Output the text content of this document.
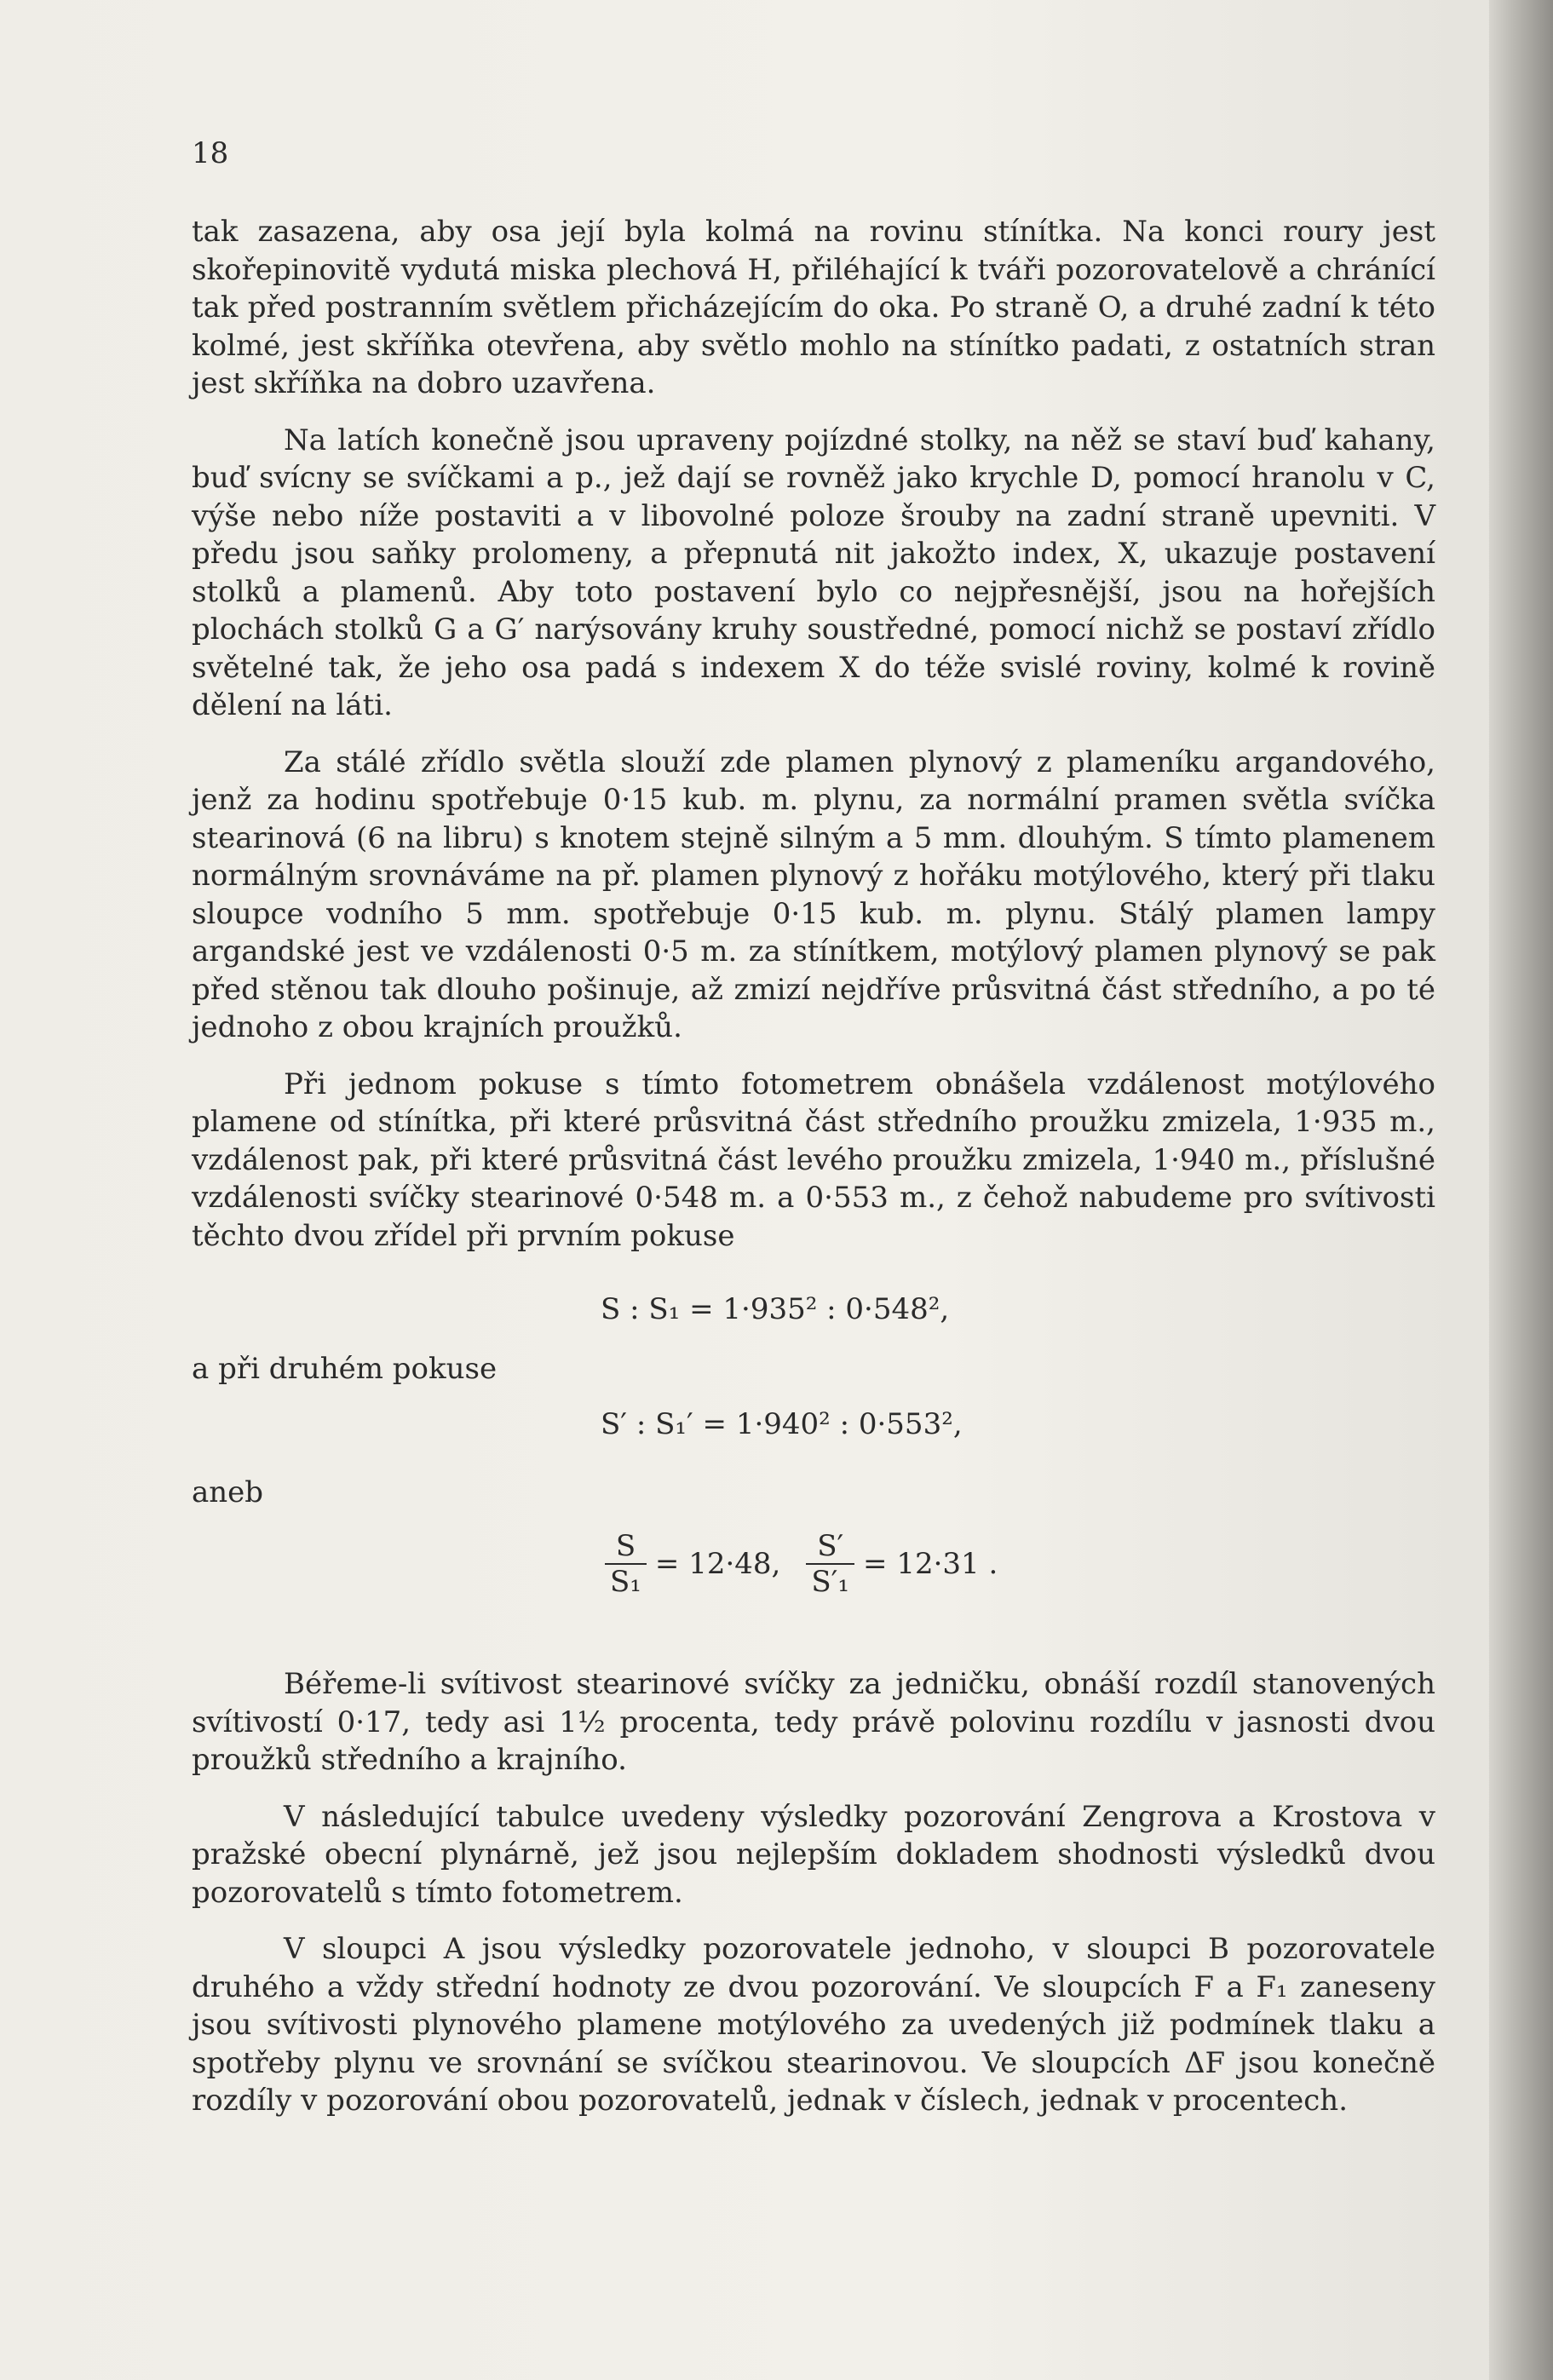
18

tak zasazena, aby osa její byla kolmá na rovinu stínítka. Na konci roury jest skořepinovitě vydutá miska plechová H, přiléhající k tváři pozorovatelově a chránící tak před postranním světlem přicházejícím do oka. Po straně O, a druhé zadní k této kolmé, jest skříňka otevřena, aby světlo mohlo na stínítko padati, z ostatních stran jest skříňka na dobro uzavřena.

Na latích konečně jsou upraveny pojízdné stolky, na něž se staví buď kahany, buď svícny se svíčkami a p., jež dají se rovněž jako krychle D, pomocí hranolu v C, výše nebo níže postaviti a v libovolné poloze šrouby na zadní straně upevniti. V předu jsou saňky prolomeny, a přepnutá nit jakožto index, X, ukazuje postavení stolků a plamenů. Aby toto postavení bylo co nejpřesnější, jsou na hořejších plochách stolků G a G′ narýsovány kruhy soustředné, pomocí nichž se postaví zřídlo světelné tak, že jeho osa padá s indexem X do téže svislé roviny, kolmé k rovině dělení na láti.

Za stálé zřídlo světla slouží zde plamen plynový z plameníku argandového, jenž za hodinu spotřebuje 0·15 kub. m. plynu, za normální pramen světla svíčka stearinová (6 na libru) s knotem stejně silným a 5 mm. dlouhým. S tímto plamenem normálným srovnáváme na př. plamen plynový z hořáku motýlového, který při tlaku sloupce vodního 5 mm. spotřebuje 0·15 kub. m. plynu. Stálý plamen lampy argandské jest ve vzdálenosti 0·5 m. za stínítkem, motýlový plamen plynový se pak před stěnou tak dlouho pošinuje, až zmizí nejdříve průsvitná část středního, a po té jednoho z obou krajních proužků.

Při jednom pokuse s tímto fotometrem obnášela vzdálenost motýlového plamene od stínítka, při které průsvitná část středního proužku zmizela, 1·935 m., vzdálenost pak, při které průsvitná část levého proužku zmizela, 1·940 m., příslušné vzdálenosti svíčky stearinové 0·548 m. a 0·553 m., z čehož nabudeme pro svítivosti těchto dvou zřídel při prvním pokuse

S : S₁ = 1·935² : 0·548²,
a při druhém pokuse
S′ : S₁′ = 1·940² : 0·553²,
aneb
$\frac{S}{\text{S₁}} = 12\cdot 48$, $\frac{S'}{\text{S′₁}} = 12\cdot 31$ .

Béřeme-li svítivost stearinové svíčky za jedničku, obnáší rozdíl stanovených svítivostí 0·17, tedy asi 1½ procenta, tedy právě polovinu rozdílu v jasnosti dvou proužků středního a krajního.

V následující tabulce uvedeny výsledky pozorování Zengrova a Krostova v pražské obecní plynárně, jež jsou nejlepším dokladem shodnosti výsledků dvou pozorovatelů s tímto fotometrem.

V sloupci A jsou výsledky pozorovatele jednoho, v sloupci B pozorovatele druhého a vždy střední hodnoty ze dvou pozorování. Ve sloupcích F a F₁ zaneseny jsou svítivosti plynového plamene motýlového za uvedených již podmínek tlaku a spotřeby plynu ve srovnání se svíčkou stearinovou. Ve sloupcích ΔF jsou konečně rozdíly v pozorování obou pozorovatelů, jednak v číslech, jednak v procentech.
